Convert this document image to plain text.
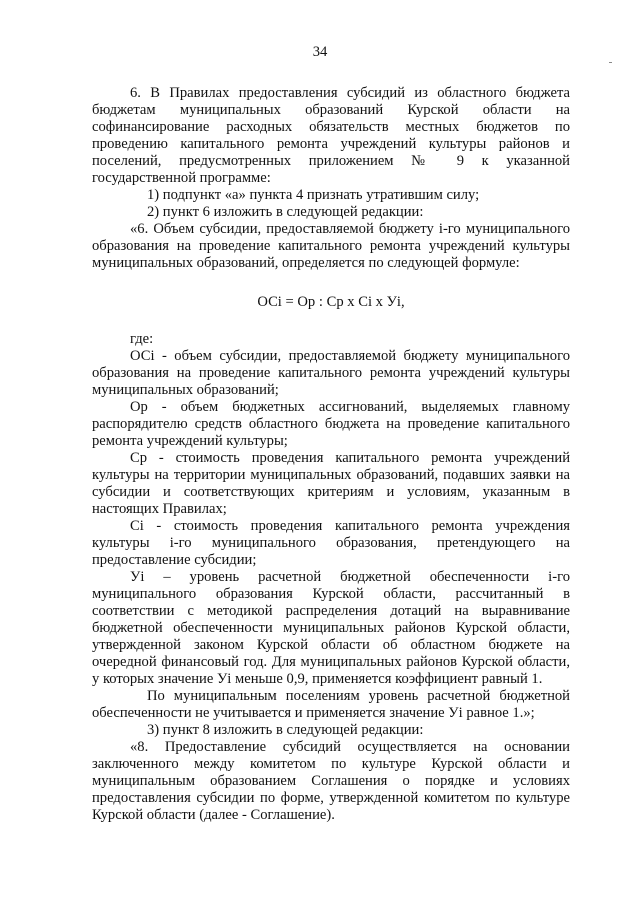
34

6. В Правилах предоставления субсидий из областного бюджета бюджетам муниципальных образований Курской области на софинансирование расходных обязательств местных бюджетов по проведению капитального ремонта учреждений культуры районов и поселений, предусмотренных приложением № 9 к указанной государственной программе:

1) подпункт «а» пункта 4 признать утратившим силу;

2) пункт 6 изложить в следующей редакции:

«6. Объем субсидии, предоставляемой бюджету i-го муниципального образования на проведение капитального ремонта учреждений культуры муниципальных образований, определяется по следующей формуле:

ОСi = Ор : Ср х Сi х Уi,

где:

ОСi - объем субсидии, предоставляемой бюджету муниципального образования на проведение капитального ремонта учреждений культуры муниципальных образований;

Ор - объем бюджетных ассигнований, выделяемых главному распорядителю средств областного бюджета на проведение капитального ремонта учреждений культуры;

Ср - стоимость проведения капитального ремонта учреждений культуры на территории муниципальных образований, подавших заявки на субсидии и соответствующих критериям и условиям, указанным в настоящих Правилах;

Сi - стоимость проведения капитального ремонта учреждения культуры i-го муниципального образования, претендующего на предоставление субсидии;

Уi – уровень расчетной бюджетной обеспеченности i-го муниципального образования Курской области, рассчитанный в соответствии с методикой распределения дотаций на выравнивание бюджетной обеспеченности муниципальных районов Курской области, утвержденной законом Курской области об областном бюджете на очередной финансовый год. Для муниципальных районов Курской области, у которых значение Уi меньше 0,9, применяется коэффициент равный 1.

По муниципальным поселениям уровень расчетной бюджетной обеспеченности не учитывается и применяется значение Уi равное 1.»;

3) пункт 8 изложить в следующей редакции:

«8. Предоставление субсидий осуществляется на основании заключенного между комитетом по культуре Курской области и муниципальным образованием Соглашения о порядке и условиях предоставления субсидии по форме, утвержденной комитетом по культуре Курской области (далее - Соглашение).
